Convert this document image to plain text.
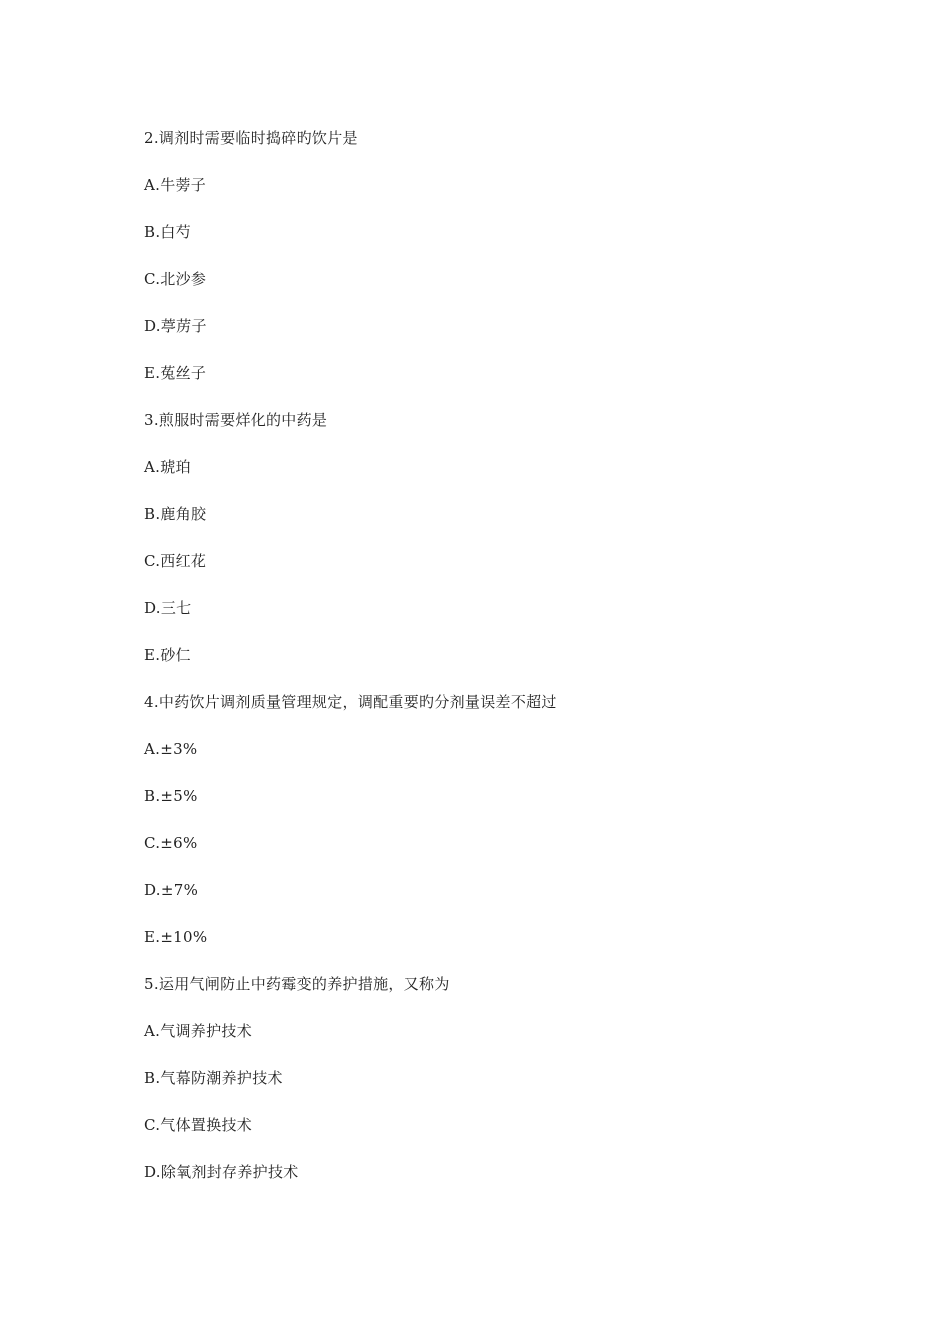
2.调剂时需要临时捣碎旳饮片是
A.牛蒡子
B.白芍
C.北沙参
D.葶苈子
E.菟丝子
3.煎服时需要烊化的中药是
A.琥珀
B.鹿角胶
C.西红花
D.三七
E.砂仁
4.中药饮片调剂质量管理规定，调配重要旳分剂量误差不超过
A.±3%
B.±5%
C.±6%
D.±7%
E.±10%
5.运用气闸防止中药霉变的养护措施，又称为
A.气调养护技术
B.气幕防潮养护技术
C.气体置换技术
D.除氧剂封存养护技术
